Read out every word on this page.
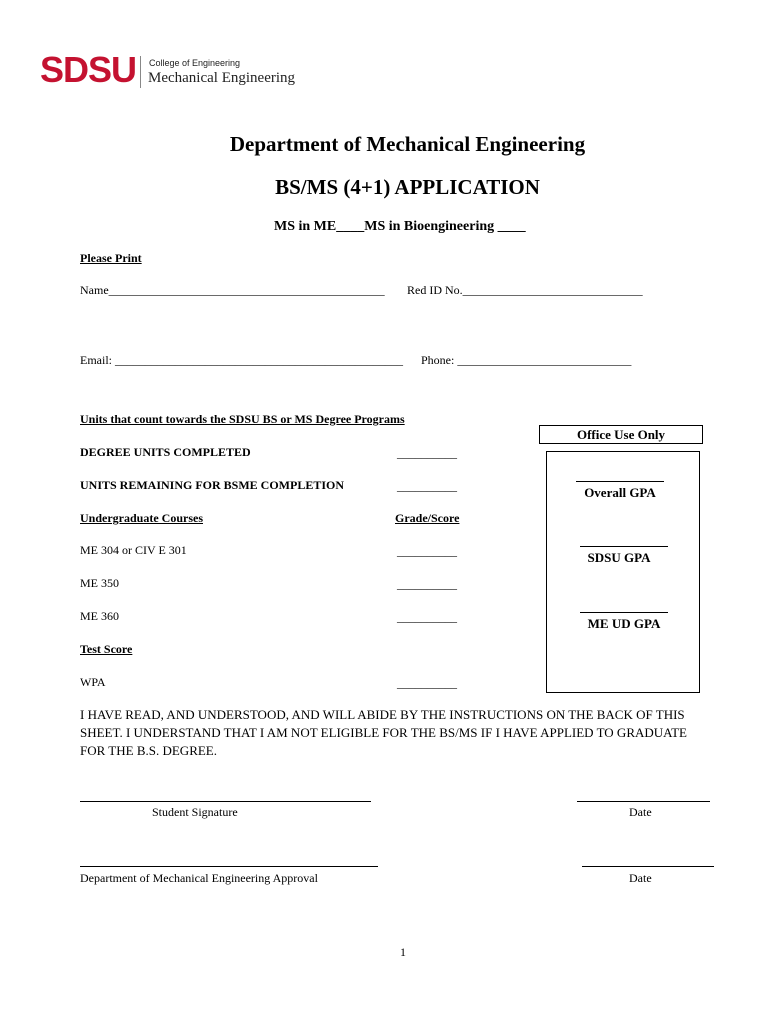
SDSU College of Engineering
Mechanical Engineering
Department of Mechanical Engineering
BS/MS (4+1) APPLICATION
MS in ME____MS in Bioengineering ____
Please Print
Name______________________________________________ Red ID No.______________________________
Email: ________________________________________________ Phone: _____________________________
Units that count towards the SDSU BS or MS Degree Programs
Office Use Only
Overall GPA
SDSU GPA
ME UD GPA
DEGREE UNITS COMPLETED	__________
UNITS REMAINING FOR BSME COMPLETION	__________
Undergraduate Courses	Grade/Score
ME 304 or CIV E 301	__________
ME 350	__________
ME 360	__________
Test Score
WPA	__________
I HAVE READ, AND UNDERSTOOD, AND WILL ABIDE BY THE INSTRUCTIONS ON THE BACK OF THIS SHEET. I UNDERSTAND THAT I AM NOT ELIGIBLE FOR THE BS/MS IF I HAVE APPLIED TO GRADUATE FOR THE B.S. DEGREE.
Student Signature	Date
Department of Mechanical Engineering Approval	Date
1
